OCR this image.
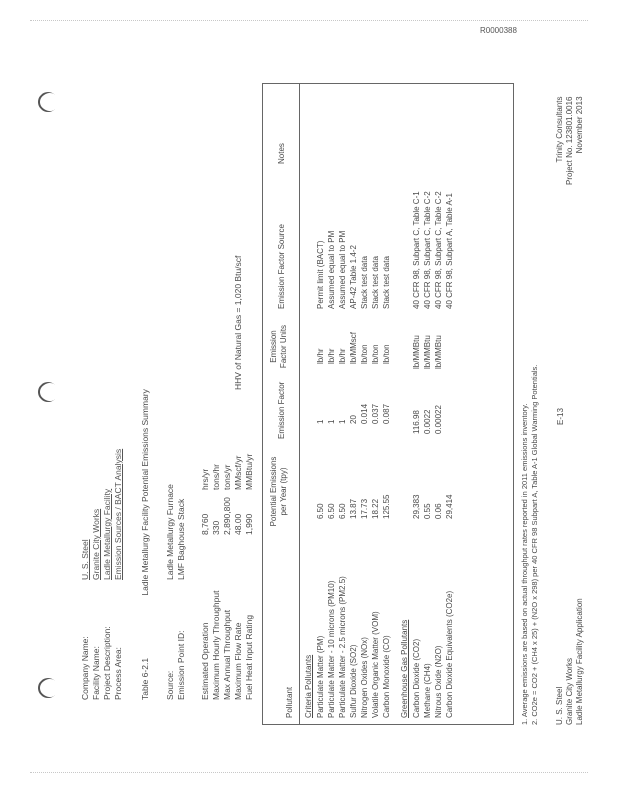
R0000388
Company Name:
U. S. Steel
Facility Name:
Granite City Works
Project Description:
Ladle Metallurgy Facility
Process Area:
Emission Sources / BACT Analysis
Table 6-2.1 Ladle Metallurgy Facility Potential Emissions Summary
Source:
Ladle Metallurgy Furnace
Emission Point ID:
LMF Baghouse Stack
Estimated Operation
8,760
hrs/yr
Maximum Hourly Throughput
330
tons/hr
Max Annual Throughput
2,890,800
tons/yr
Maximum Flow Rate
48.00
MMscf/yr
Fuel Heat Input Rating
1,990
MMBtu/yr
HHV of Natural Gas = 1,020 Btu/scf
Pollutant
Potential Emissions per Year (tpy)
Emission Factor
Emission Factor Units
Emission Factor Source
Notes
Criteria Pollutants Particulate Matter (PM)
6.50
1
lb/hr
Permit limit (BACT)
Particulate Matter - 10 microns (PM10)
6.50
1
lb/hr
Assumed equal to PM
Particulate Matter - 2.5 microns (PM2.5)
6.50
1
lb/hr
Assumed equal to PM
Sulfur Dioxide (SO2)
13.87
20
lb/MMscf
AP-42 Table 1.4-2
Nitrogen Oxides (NOx)
17.73
0.014
lb/ton
Stack test data
Volatile Organic Matter (VOM)
18.22
0.037
lb/ton
Stack test data
Carbon Monoxide (CO)
125.55
0.087
lb/ton
Stack test data
Greenhouse Gas Pollutants Carbon Dioxide (CO2)
29,383
116.98
lb/MMBtu
40 CFR 98, Subpart C, Table C-1
Methane (CH4)
0.55
0.0022
lb/MMBtu
40 CFR 98, Subpart C, Table C-2
Nitrous Oxide (N2O)
0.06
0.00022
lb/MMBtu
40 CFR 98, Subpart C, Table C-2
Carbon Dioxide Equivalents (CO2e)
29,414
40 CFR 98, Subpart A, Table A-1
1. Average emissions are based on actual throughput rates reported in 2011 emissions inventory. 2. CO2e = CO2 + (CH4 x 25) + (N2O x 298) per 40 CFR 98 Subpart A, Table A-1 Global Warming Potentials. U. S. Steel Granite City Works Ladle Metallurgy Facility Application
E-13
Trinity Consultants Project No. 123801.0016 November 2013
